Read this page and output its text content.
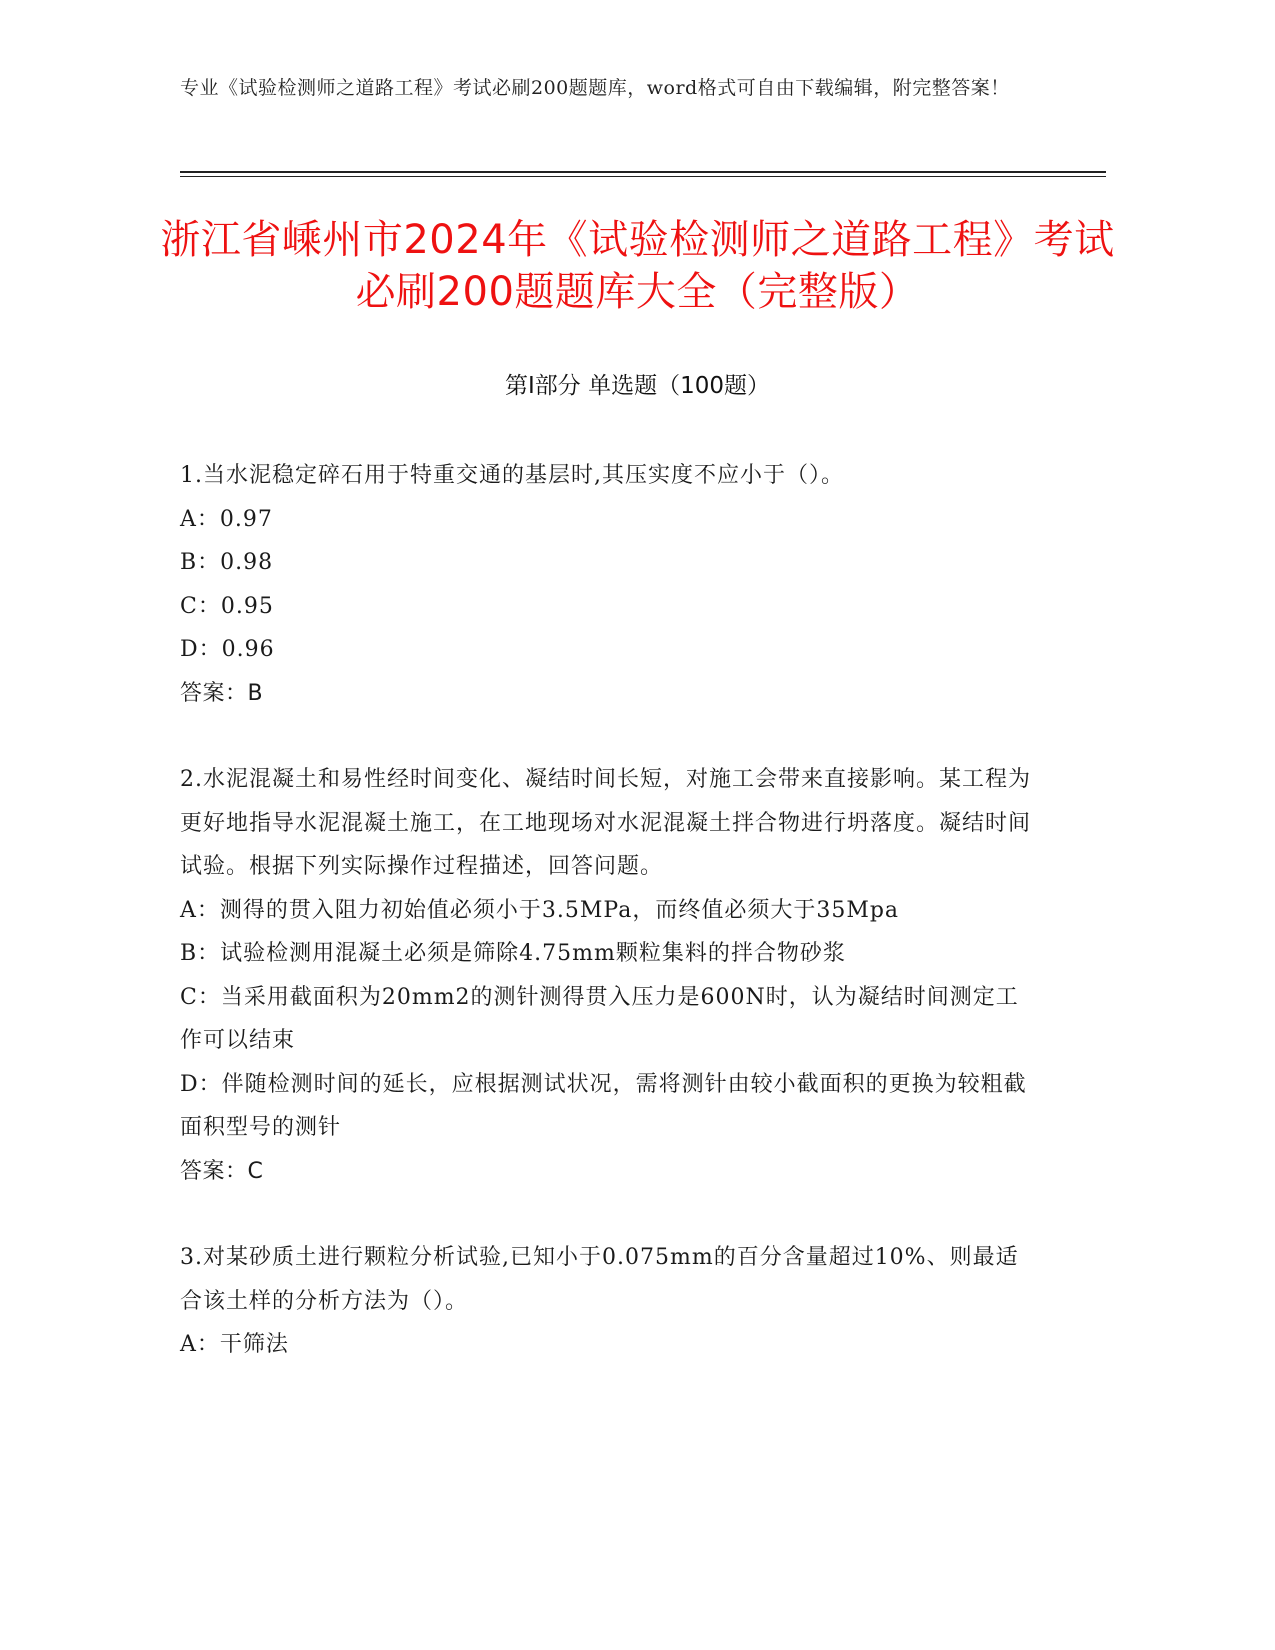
专业《试验检测师之道路工程》考试必刷200题题库，word格式可自由下载编辑，附完整答案！
浙江省嵊州市2024年《试验检测师之道路工程》考试必刷200题题库大全（完整版）
第I部分 单选题（100题）

1.当水泥稳定碎石用于特重交通的基层时,其压实度不应小于（）。

A：0.97

B：0.98

C：0.95

D：0.96

答案：B

2.水泥混凝土和易性经时间变化、凝结时间长短，对施工会带来直接影响。某工程为更好地指导水泥混凝土施工，在工地现场对水泥混凝土拌合物进行坍落度。凝结时间试验。根据下列实际操作过程描述，回答问题。

A：测得的贯入阻力初始值必须小于3.5MPa，而终值必须大于35Mpa

B：试验检测用混凝土必须是筛除4.75mm颗粒集料的拌合物砂浆

C：当采用截面积为20mm2的测针测得贯入压力是600N时，认为凝结时间测定工作可以结束

D：伴随检测时间的延长，应根据测试状况，需将测针由较小截面积的更换为较粗截面积型号的测针

答案：C

3.对某砂质土进行颗粒分析试验,已知小于0.075mm的百分含量超过10%、则最适合该土样的分析方法为（）。

A：干筛法
